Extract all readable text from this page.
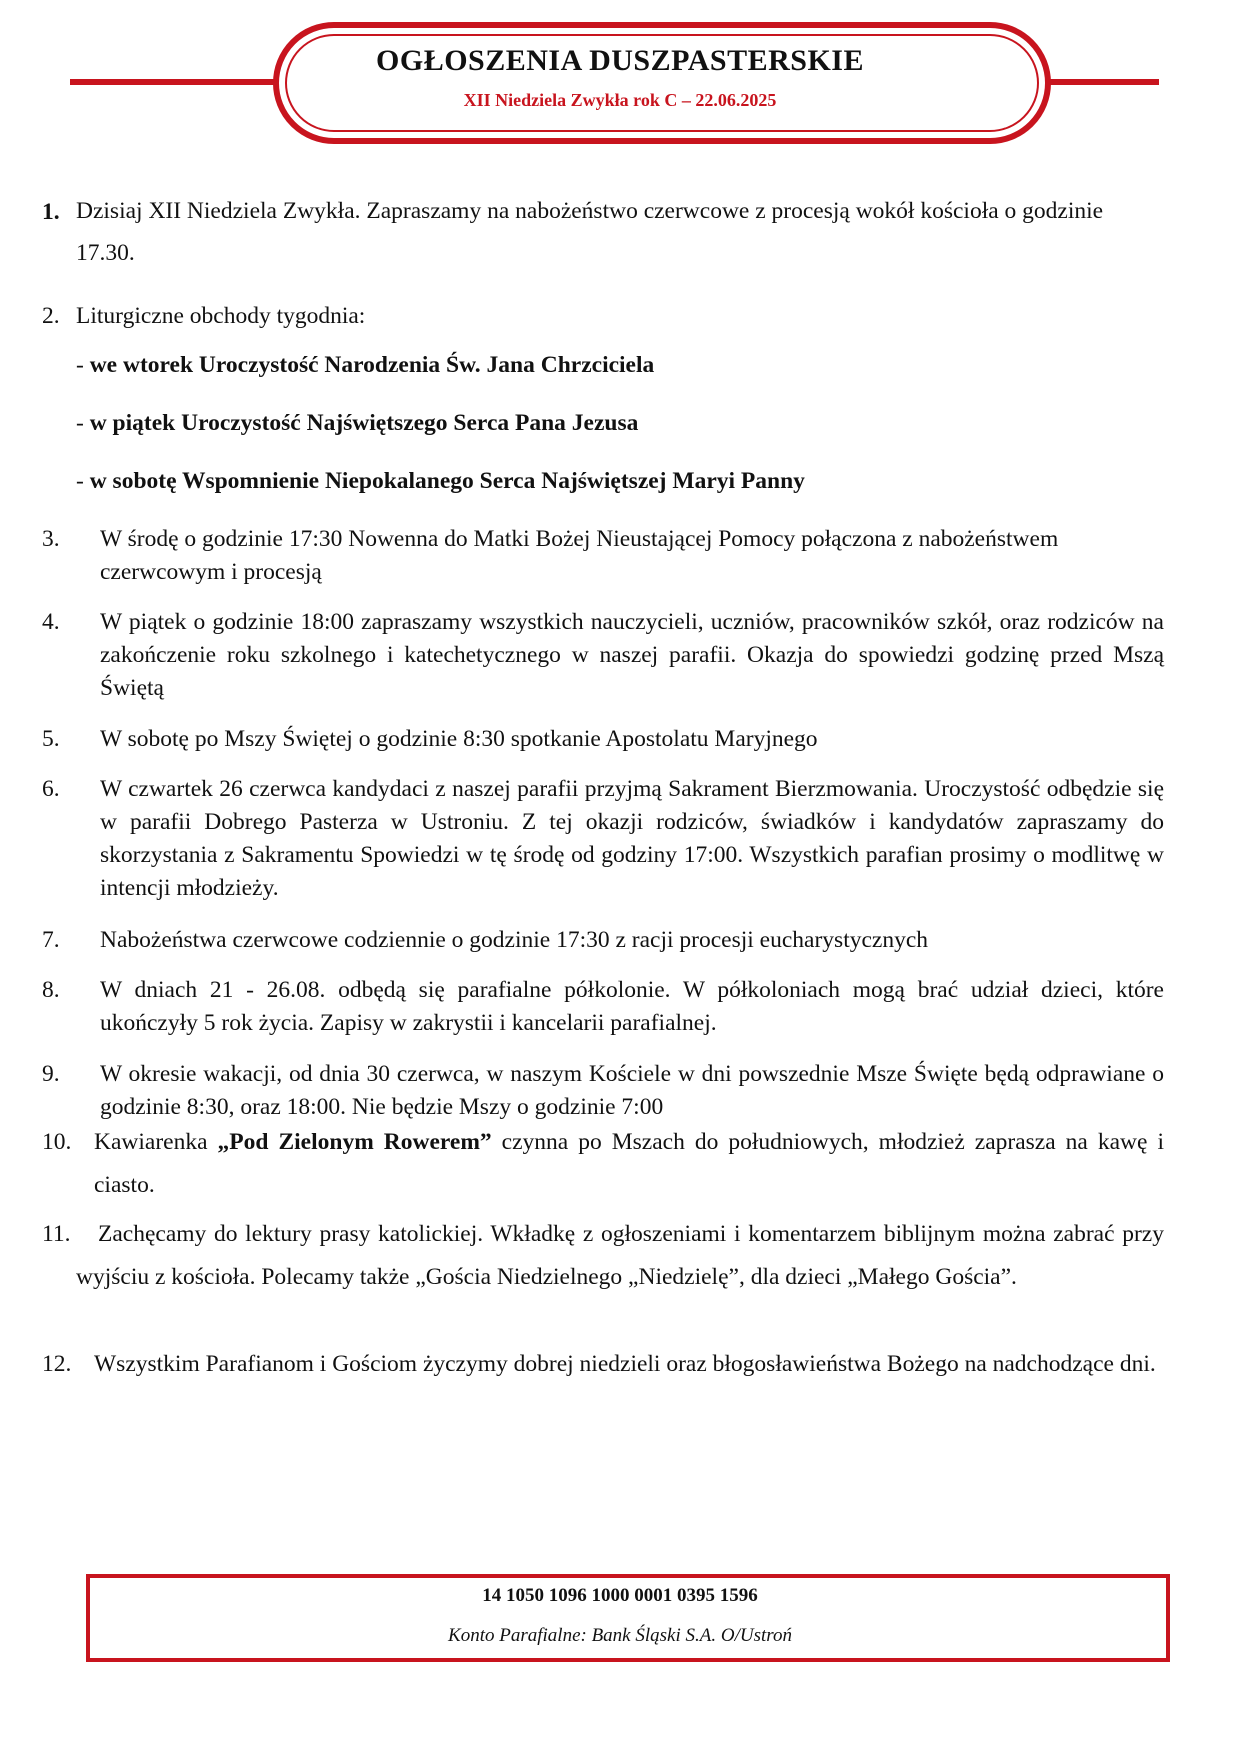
OGŁOSZENIA DUSZPASTERSKIE
XII Niedziela Zwykła rok C – 22.06.2025
1. Dzisiaj XII Niedziela Zwykła. Zapraszamy na nabożeństwo czerwcowe z procesją wokół kościoła o godzinie 17.30.
2. Liturgiczne obchody tygodnia:
- we wtorek Uroczystość Narodzenia Św. Jana Chrzciciela
- w piątek Uroczystość Najświętszego Serca Pana Jezusa
- w sobotę Wspomnienie Niepokalanego Serca Najświętszej Maryi Panny
3. W środę o godzinie 17:30 Nowenna do Matki Bożej Nieustającej Pomocy połączona z nabożeństwem czerwcowym i procesją
4. W piątek o godzinie 18:00 zapraszamy wszystkich nauczycieli, uczniów, pracowników szkół, oraz rodziców na zakończenie roku szkolnego i katechetycznego w naszej parafii. Okazja do spowiedzi godzinę przed Mszą Świętą
5. W sobotę po Mszy Świętej o godzinie 8:30 spotkanie Apostolatu Maryjnego
6. W czwartek 26 czerwca kandydaci z naszej parafii przyjmą Sakrament Bierzmowania. Uroczystość odbędzie się w parafii Dobrego Pasterza w Ustroniu. Z tej okazji rodziców, świadków i kandydatów zapraszamy do skorzystania z Sakramentu Spowiedzi w tę środę od godziny 17:00. Wszystkich parafian prosimy o modlitwę w intencji młodzieży.
7. Nabożeństwa czerwcowe codziennie o godzinie 17:30 z racji procesji eucharystycznych
8. W dniach 21 - 26.08. odbędą się parafialne półkolonie. W półkoloniach mogą brać udział dzieci, które ukończyły 5 rok życia. Zapisy w zakrystii i kancelarii parafialnej.
9. W okresie wakacji, od dnia 30 czerwca, w naszym Kościele w dni powszednie Msze Święte będą odprawiane o godzinie 8:30, oraz 18:00. Nie będzie Mszy o godzinie 7:00
10. Kawiarenka „Pod Zielonym Rowerem” czynna po Mszach do południowych, młodzież zaprasza na kawę i ciasto.
11.	Zachęcamy do lektury prasy katolickiej. Wkładkę z ogłoszeniami i komentarzem biblijnym można zabrać przy wyjściu z kościoła. Polecamy także „Gościa Niedzielnego „Niedzielę”, dla dzieci „Małego Gościa”.
12. Wszystkim Parafianom i Gościom życzymy dobrej niedzieli oraz błogosławieństwa Bożego na nadchodzące dni.
14 1050 1096 1000 0001 0395 1596
Konto Parafialne: Bank Śląski S.A. O/Ustroń
